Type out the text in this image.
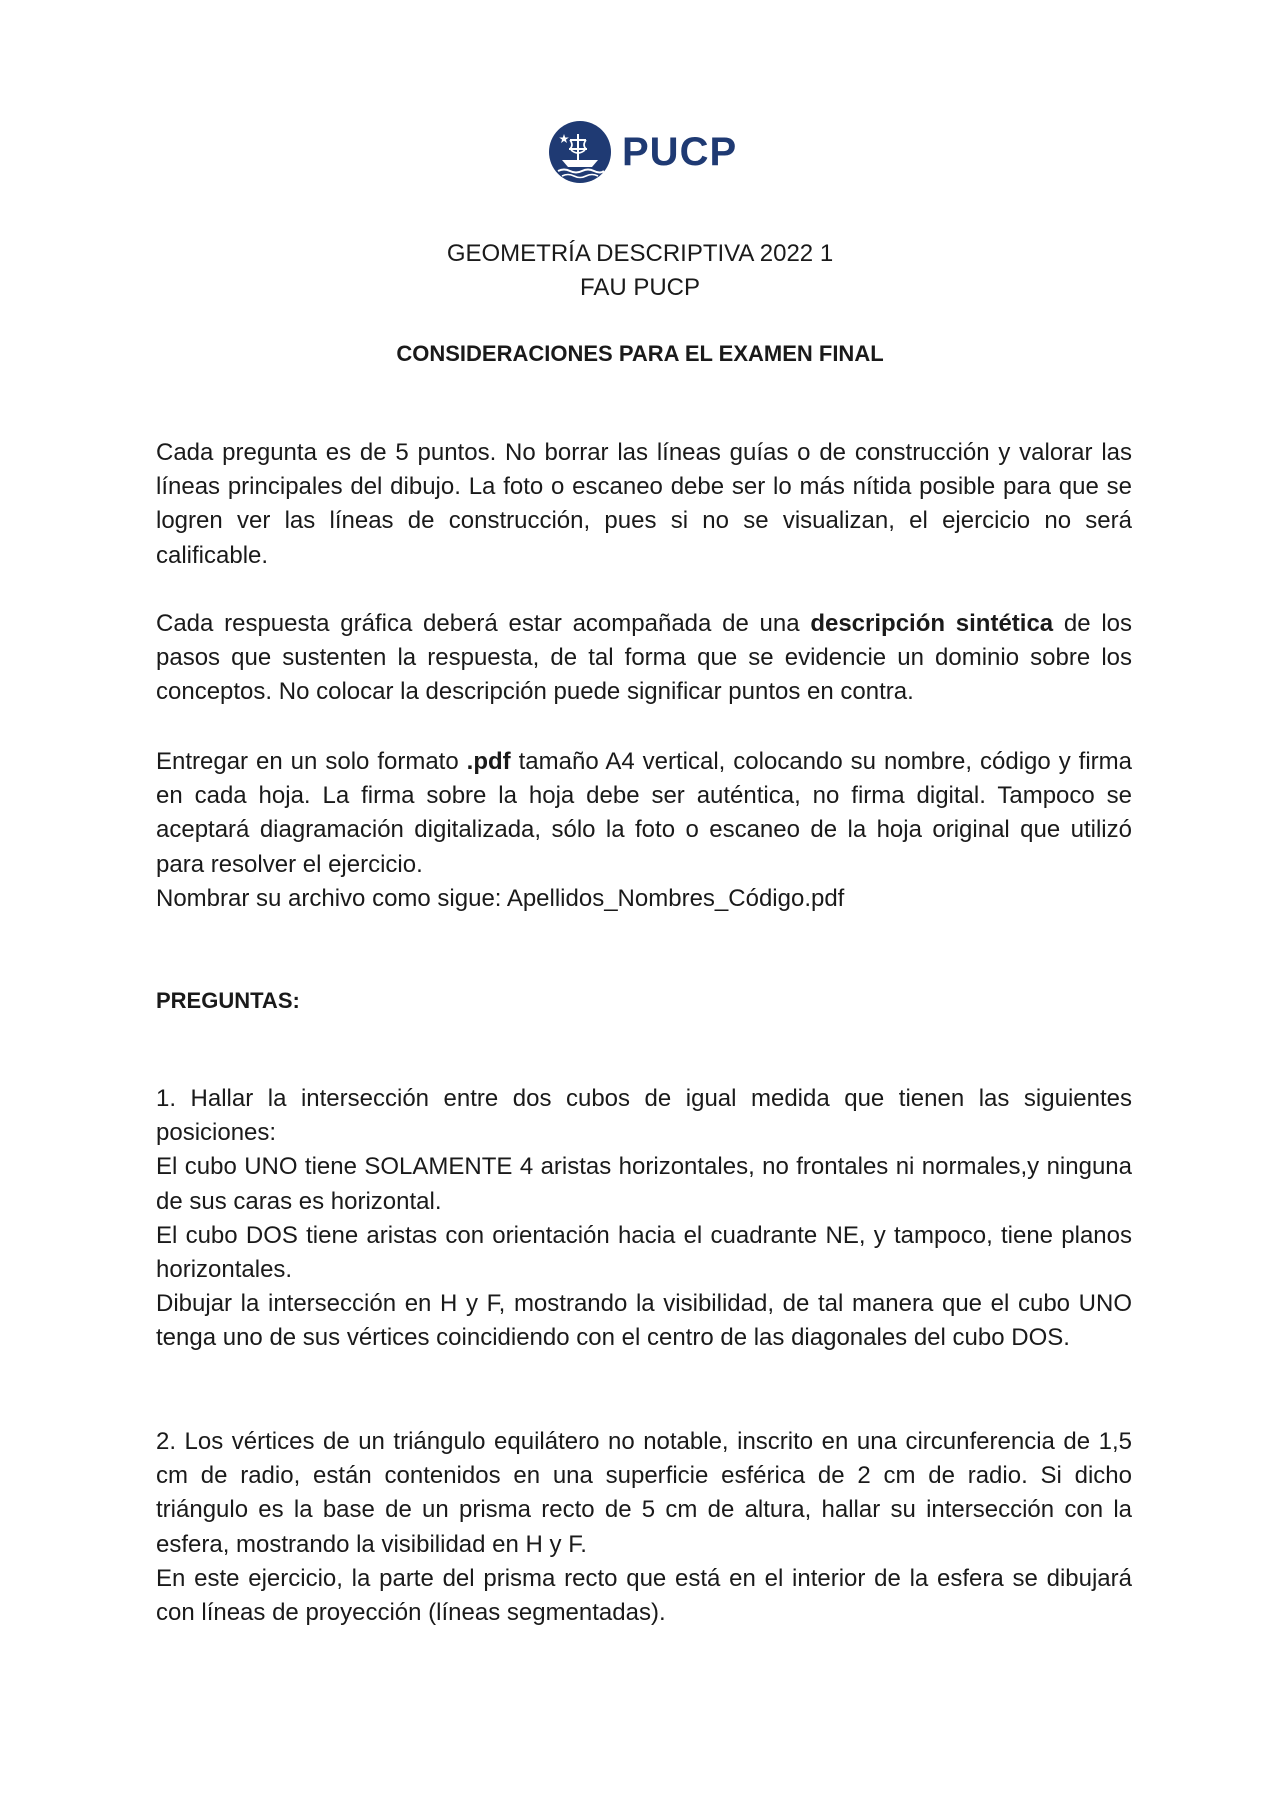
PUCP
GEOMETRÍA DESCRIPTIVA 2022 1
FAU PUCP
CONSIDERACIONES PARA EL EXAMEN FINAL

Cada pregunta es de 5 puntos. No borrar las líneas guías o de construcción y valorar las líneas principales del dibujo. La foto o escaneo debe ser lo más nítida posible para que se logren ver las líneas de construcción, pues si no se visualizan, el ejercicio no será calificable.

Cada respuesta gráfica deberá estar acompañada de una descripción sintética de los pasos que sustenten la respuesta, de tal forma que se evidencie un dominio sobre los conceptos. No colocar la descripción puede significar puntos en contra.

Entregar en un solo formato .pdf tamaño A4 vertical, colocando su nombre, código y firma en cada hoja. La firma sobre la hoja debe ser auténtica, no firma digital. Tampoco se aceptará diagramación digitalizada, sólo la foto o escaneo de la hoja original que utilizó para resolver el ejercicio.

Nombrar su archivo como sigue: Apellidos_Nombres_Código.pdf

PREGUNTAS:

1. Hallar la intersección entre dos cubos de igual medida que tienen las siguientes posiciones:

El cubo UNO tiene SOLAMENTE 4 aristas horizontales, no frontales ni normales,y ninguna de sus caras es horizontal.

El cubo DOS tiene aristas con orientación hacia el cuadrante NE, y tampoco, tiene planos horizontales.

Dibujar la intersección en H y F, mostrando la visibilidad, de tal manera que el cubo UNO tenga uno de sus vértices coincidiendo con el centro de las diagonales del cubo DOS.

2. Los vértices de un triángulo equilátero no notable, inscrito en una circunferencia de 1,5 cm de radio, están contenidos en una superficie esférica de 2 cm de radio. Si dicho triángulo es la base de un prisma recto de 5 cm de altura, hallar su intersección con la esfera, mostrando la visibilidad en H y F.

En este ejercicio, la parte del prisma recto que está en el interior de la esfera se dibujará con líneas de proyección (líneas segmentadas).
